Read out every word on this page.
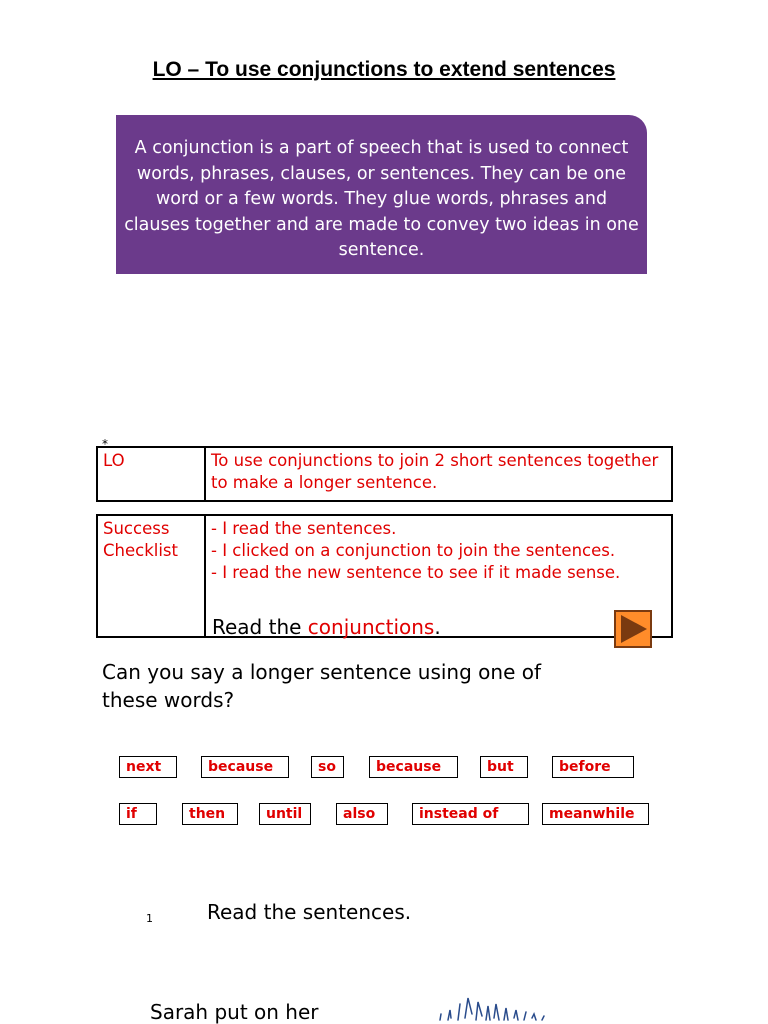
LO – To use conjunctions to extend sentences
A conjunction is a part of speech that is used to connect words, phrases, clauses, or sentences. They can be one word or a few words. They glue words, phrases and clauses together and are made to convey two ideas in one sentence.
*
LO	To use conjunctions to join 2 short sentences together to make a longer sentence.
Success Checklist	
- I read the sentences.
- I clicked on a conjunction to join the sentences.
- I read the new sentence to see if it made sense.
Read the conjunctions.
Can you say a longer sentence using one of these words?
next	because	so	because	but	before
if	then	until	also	instead of	meanwhile
1	Read the sentences.
Sarah put on her
